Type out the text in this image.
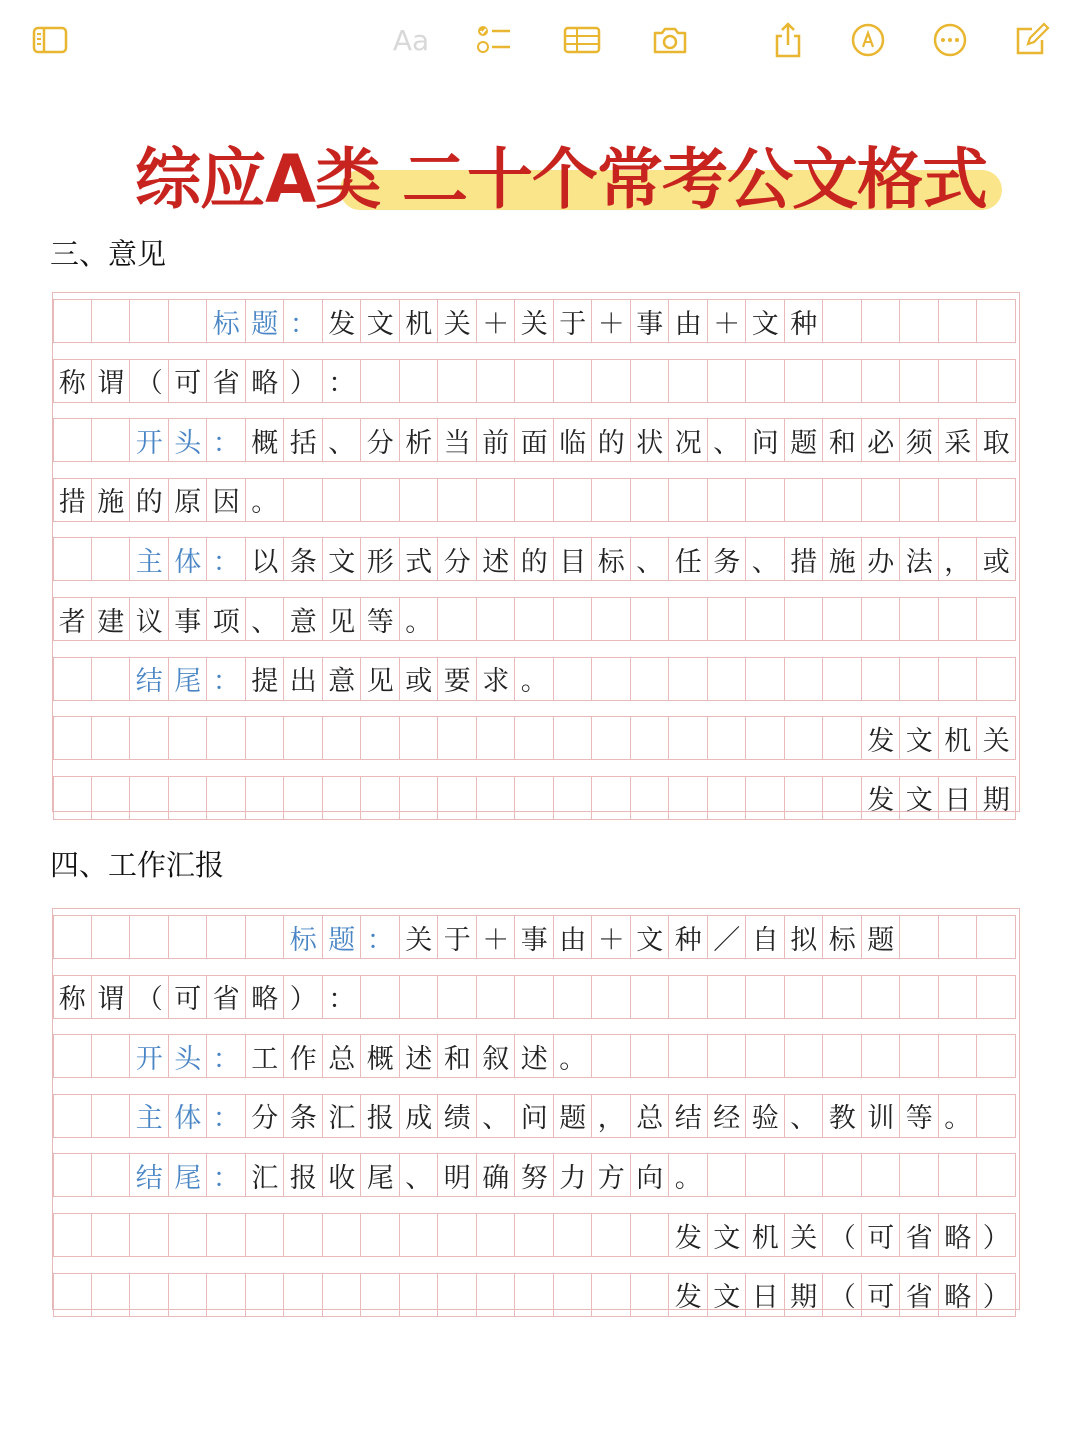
Aa
综应A类 二十个常考公文格式
三、意见
四、工作汇报
标 题 ： 发 文 机 关 ＋ 关 于 ＋ 事 由 ＋ 文 种
称 谓 （ 可 省 略 ） ：
开 头 ： 概 括 、 分 析 当 前 面 临 的 状 况 、 问 题 和 必 须 采 取
措 施 的 原 因 。
主 体 ： 以 条 文 形 式 分 述 的 目 标 、 任 务 、 措 施 办 法 ， 或
者 建 议 事 项 、 意 见 等 。
结 尾 ： 提 出 意 见 或 要 求 。
发 文 机 关
发 文 日 期
标 题 ： 关 于 ＋ 事 由 ＋ 文 种 ／ 自 拟 标 题
称 谓 （ 可 省 略 ） ：
开 头 ： 工 作 总 概 述 和 叙 述 。
主 体 ： 分 条 汇 报 成 绩 、 问 题 ， 总 结 经 验 、 教 训 等 。
结 尾 ： 汇 报 收 尾 、 明 确 努 力 方 向 。
发 文 机 关 （ 可 省 略 ）
发 文 日 期 （ 可 省 略 ）
